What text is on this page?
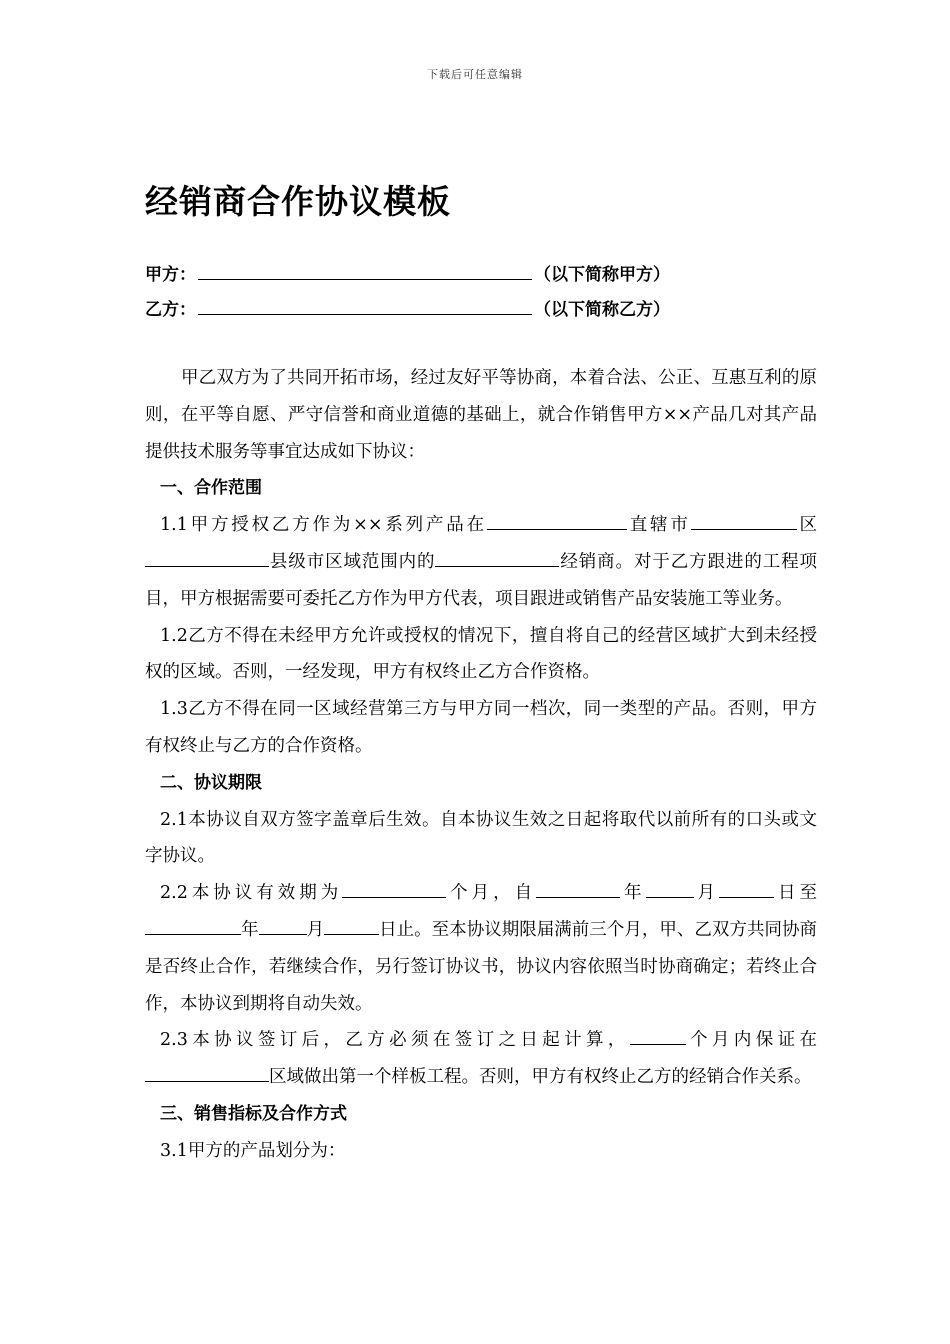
下载后可任意编辑
经销商合作协议模板
甲方：	（以下简称甲方）
乙方：	（以下简称乙方）

甲乙双方为了共同开拓市场，经过友好平等协商，本着合法、公正、互惠互利的原则，在平等自愿、严守信誉和商业道德的基础上，就合作销售甲方××产品几对其产品提供技术服务等事宜达成如下协议：

一、合作范围

1.1甲方授权乙方作为××系列产品在	直辖市	区县级市区域范围内的	经销商。对于乙方跟进的工程项目，甲方根据需要可委托乙方作为甲方代表，项目跟进或销售产品安装施工等业务。

1.2乙方不得在未经甲方允许或授权的情况下，擅自将自己的经营区域扩大到未经授权的区域。否则，一经发现，甲方有权终止乙方合作资格。

1.3乙方不得在同一区域经营第三方与甲方同一档次，同一类型的产品。否则，甲方有权终止与乙方的合作资格。

二、协议期限

2.1本协议自双方签字盖章后生效。自本协议生效之日起将取代以前所有的口头或文字协议。

2.2本协议有效期为	个月，自	年	月	日至年	月	日止。至本协议期限届满前三个月，甲、乙双方共同协商是否终止合作，若继续合作，另行签订协议书，协议内容依照当时协商确定；若终止合作，本协议到期将自动失效。

2.3本协议签订后，乙方必须在签订之日起计算，	个月内保证在区域做出第一个样板工程。否则，甲方有权终止乙方的经销合作关系。

三、销售指标及合作方式

3.1甲方的产品划分为：
